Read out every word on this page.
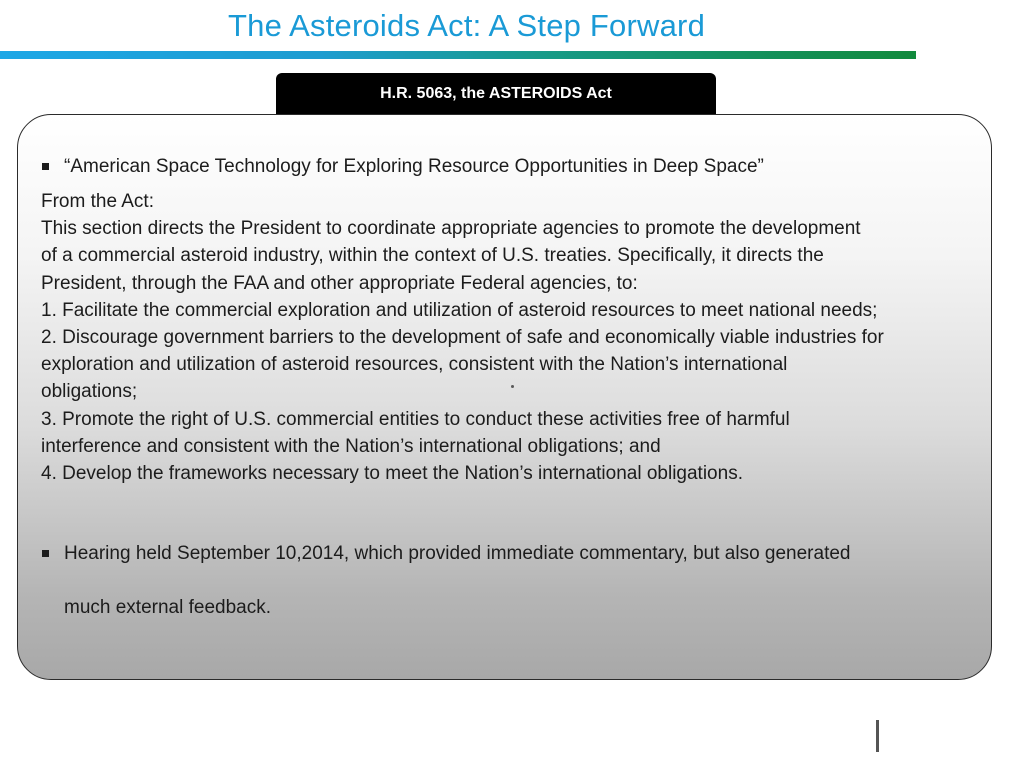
The Asteroids Act: A Step Forward
H.R. 5063, the ASTEROIDS Act
“American Space Technology for Exploring Resource Opportunities in Deep Space”
From the Act:
This section directs the President to coordinate appropriate agencies to promote the development
of a commercial asteroid industry, within the context of U.S. treaties. Specifically, it directs the
President, through the FAA and other appropriate Federal agencies, to:
1. Facilitate the commercial exploration and utilization of asteroid resources to meet national needs;
2. Discourage government barriers to the development of safe and economically viable industries for
exploration and utilization of asteroid resources, consistent with the Nation’s international
obligations;
3. Promote the right of U.S. commercial entities to conduct these activities free of harmful
interference and consistent with the Nation’s international obligations; and
4. Develop the frameworks necessary to meet the Nation’s international obligations.
Hearing held September 10,2014, which provided immediate commentary, but also generated
much external feedback.
